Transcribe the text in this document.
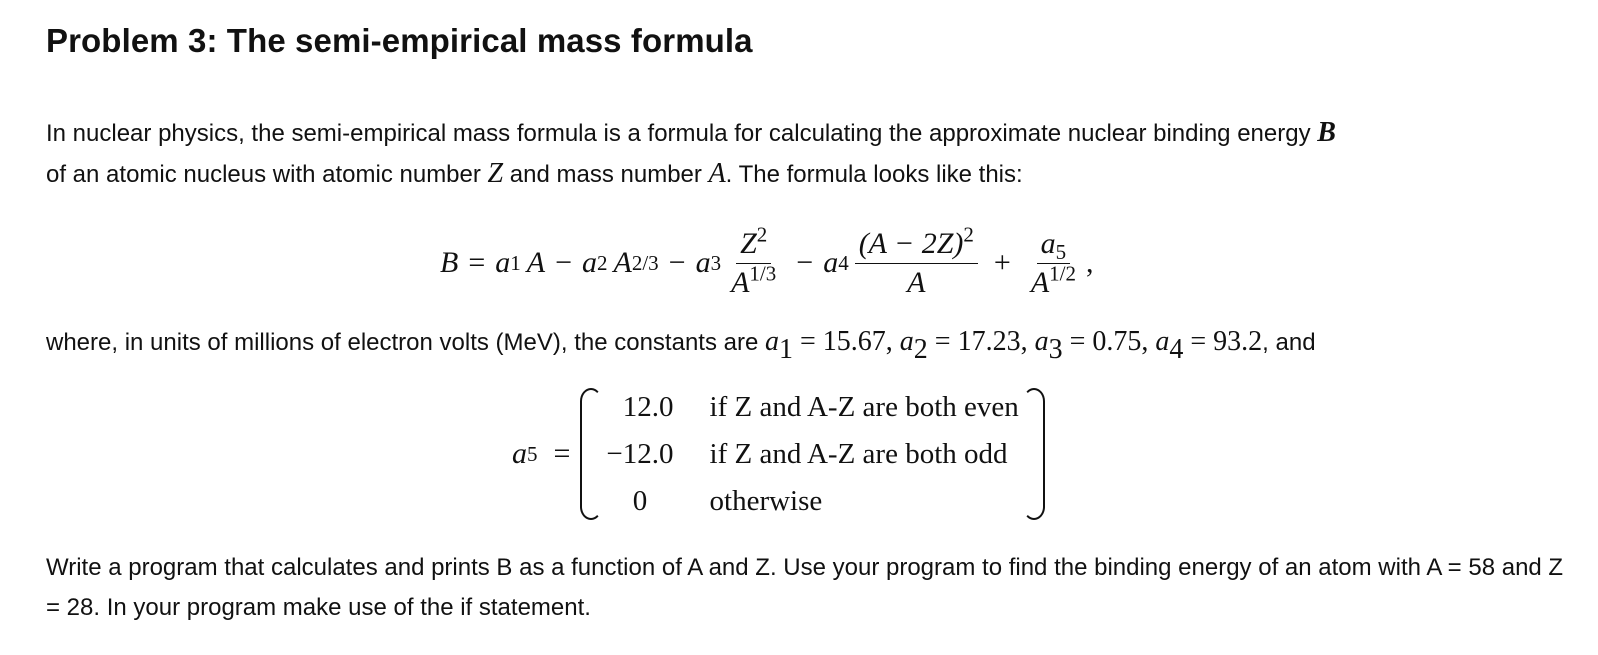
Problem 3: The semi-empirical mass formula

In nuclear physics, the semi-empirical mass formula is a formula for calculating the approximate nuclear binding energy B
of an atomic nucleus with atomic number Z and mass number A. The formula looks like this:

B = a 1 A − a 2 A 2/3 − a $3 \frac{Z^2}{A^{1/3}} - a$ $4 \frac{(A - 2Z)^2}{A} + \frac{a_5}{A^{1/2}}$ ,

where, in units of millions of electron volts (MeV), the constants are $a_1 = 15.67$, $a_2 = 17.23$, $a_3 = 0.75$, $a_4 = 93.2$, and

a 5 =
12.0 if Z and A-Z are both even
−12.0 if Z and A-Z are both odd
0	otherwise

Write a program that calculates and prints B as a function of A and Z. Use your program to find the binding energy of an atom with A = 58 and Z = 28. In your program make use of the if statement.
